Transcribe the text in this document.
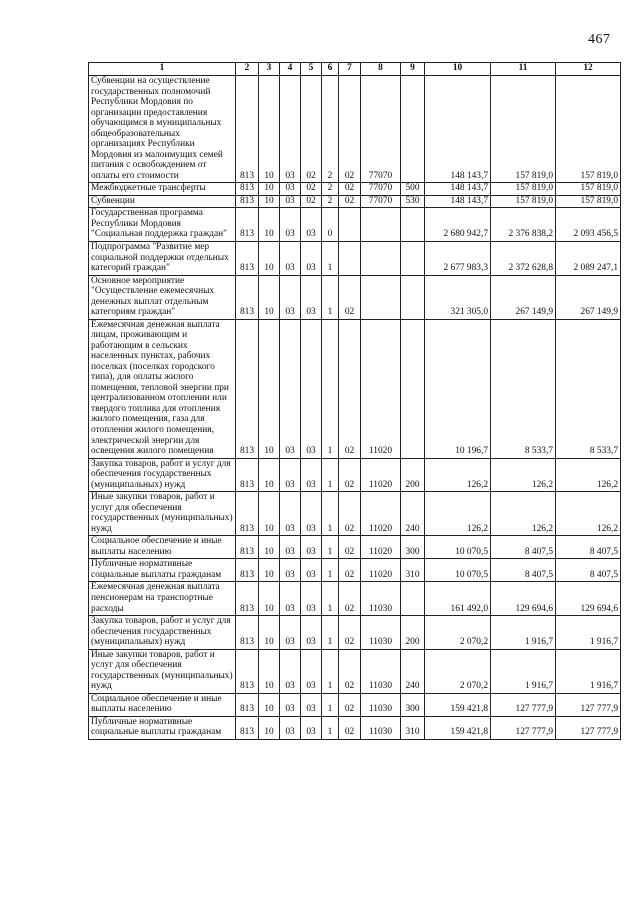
467
1	2	3	4	5	6	7	8	9	10	11	12
Субвенции на осуществление государственных полномочий Республики Мордовия по организации предоставления обучающимся в муниципальных общеобразовательных организациях Республики Мордовия из малоимущих семей питания с освобождением от оплаты его стоимости	813	10	03	02	2	02	77070		148 143,7	157 819,0	157 819,0
Межбюджетные трансферты	813	10	03	02	2	02	77070	500	148 143,7	157 819,0	157 819,0
Субвенции	813	10	03	02	2	02	77070	530	148 143,7	157 819,0	157 819,0
Государственная программа Республики Мордовия "Социальная поддержка граждан"	813	10	03	03	0				2 680 942,7	2 376 838,2	2 093 456,5
Подпрограмма "Развитие мер социальной поддержки отдельных категорий граждан"	813	10	03	03	1				2 677 983,3	2 372 628,8	2 089 247,1
Основное мероприятие "Осуществление ежемесячных денежных выплат отдельным категориям граждан"	813	10	03	03	1	02			321 305,0	267 149,9	267 149,9
Ежемесячная денежная выплата лицам, проживающим и работающим в сельских населенных пунктах, рабочих поселках (поселках городского типа), для оплаты жилого помещения, тепловой энергии при централизованном отоплении или твердого топлива для отопления жилого помещения, газа для отопления жилого помещения, электрической энергии для освещения жилого помещения	813	10	03	03	1	02	11020		10 196,7	8 533,7	8 533,7
Закупка товаров, работ и услуг для обеспечения государственных (муниципальных) нужд	813	10	03	03	1	02	11020	200	126,2	126,2	126,2
Иные закупки товаров, работ и услуг для обеспечения государственных (муниципальных) нужд	813	10	03	03	1	02	11020	240	126,2	126,2	126,2
Социальное обеспечение и иные выплаты населению	813	10	03	03	1	02	11020	300	10 070,5	8 407,5	8 407,5
Публичные нормативные социальные выплаты гражданам	813	10	03	03	1	02	11020	310	10 070,5	8 407,5	8 407,5
Ежемесячная денежная выплата пенсионерам на транспортные расходы	813	10	03	03	1	02	11030		161 492,0	129 694,6	129 694,6
Закупка товаров, работ и услуг для обеспечения государственных (муниципальных) нужд	813	10	03	03	1	02	11030	200	2 070,2	1 916,7	1 916,7
Иные закупки товаров, работ и услуг для обеспечения государственных (муниципальных) нужд	813	10	03	03	1	02	11030	240	2 070,2	1 916,7	1 916,7
Социальное обеспечение и иные выплаты населению	813	10	03	03	1	02	11030	300	159 421,8	127 777,9	127 777,9
Публичные нормативные социальные выплаты гражданам	813	10	03	03	1	02	11030	310	159 421,8	127 777,9	127 777,9
